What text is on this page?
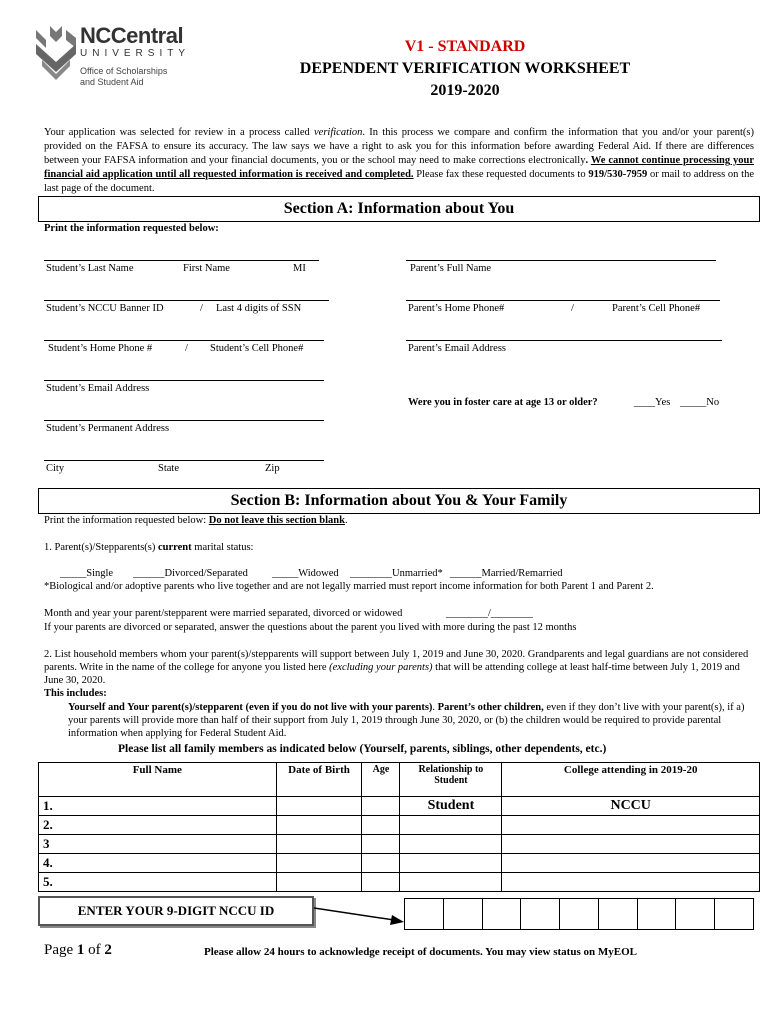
NCCentral
UNIVERSITY
Office of Scholarships
and Student Aid
V1 - STANDARD
DEPENDENT VERIFICATION WORKSHEET
2019-2020
Your application was selected for review in a process called verification. In this process we compare and confirm the information that you and/or your parent(s) provided on the FAFSA to ensure its accuracy. The law says we have a right to ask you for this information before awarding Federal Aid. If there are differences between your FAFSA information and your financial documents, you or the school may need to make corrections electronically. We cannot continue processing your financial aid application until all requested information is received and completed. Please fax these requested documents to 919/530-7959 or mail to address on the last page of the document.
Section A: Information about You
Print the information requested below:
Student’s Last Name	First Name	MI	Parent’s Full Name
Student’s NCCU Banner ID	/ Last 4 digits of SSN	Parent’s Home Phone#	/	Parent’s Cell Phone#
Student’s Home Phone #	/ Student’s Cell Phone#	Parent’s Email Address
Student’s Email Address
Were you in foster care at age 13 or older?	____Yes _____No
Student’s Permanent Address
City	State	Zip
Section B: Information about You & Your Family
Print the information requested below: Do not leave this section blank.
1. Parent(s)/Stepparents(s) current marital status:
_____Single ______Divorced/Separated _____Widowed ________Unmarried* ______Married/Remarried
*Biological and/or adoptive parents who live together and are not legally married must report income information for both Parent 1 and Parent 2.
Month and year your parent/stepparent were married separated, divorced or widowed	________/________
If your parents are divorced or separated, answer the questions about the parent you lived with more during the past 12 months
2. List household members whom your parent(s)/stepparents will support between July 1, 2019 and June 30, 2020. Grandparents and legal guardians are not considered parents. Write in the name of the college for anyone you listed here (excluding your parents) that will be attending college at least half-time between July 1, 2019 and June 30, 2020.
This includes:
Yourself and Your parent(s)/stepparent (even if you do not live with your parents). Parent’s other children, even if they don’t live with your parent(s), if a) your parents will provide more than half of their support from July 1, 2019 through June 30, 2020, or (b) the children would be required to provide parental information when applying for Federal Student Aid.
Please list all family members as indicated below (Yourself, parents, siblings, other dependents, etc.)
Full Name	Date of Birth	Age	Relationship to Student	College attending in 2019-20
1.			Student	NCCU
2.				
3				
4.				
5.				
ENTER YOUR 9-DIGIT NCCU ID
Page 1 of 2	Please allow 24 hours to acknowledge receipt of documents. You may view status on MyEOL
